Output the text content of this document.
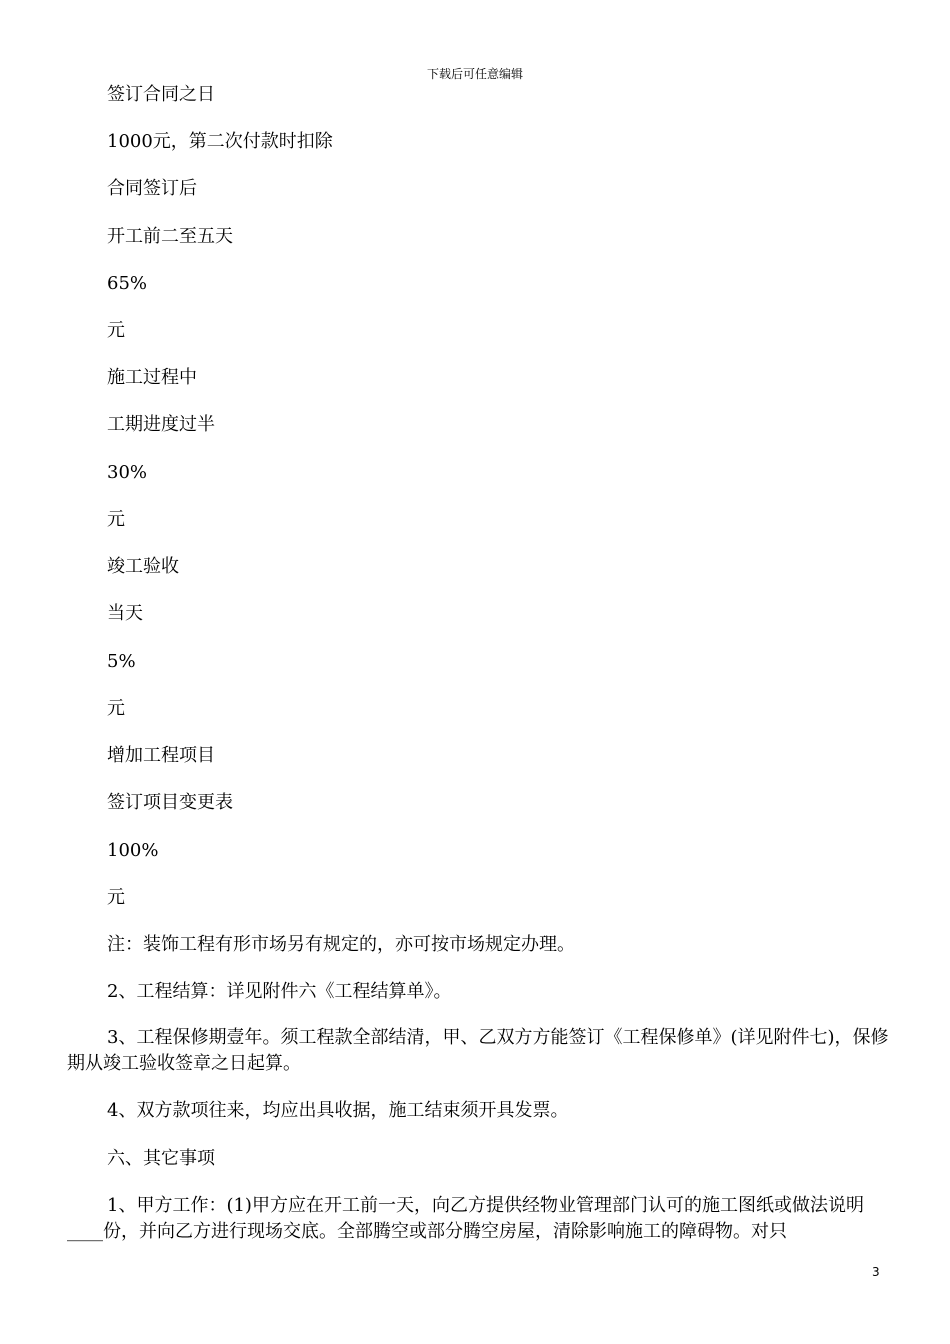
下载后可任意编辑
签订合同之日
1000元，第二次付款时扣除
合同签订后
开工前二至五天
65%
元
施工过程中
工期进度过半
30%
元
竣工验收
当天
5%
元
增加工程项目
签订项目变更表
100%
元
注：装饰工程有形市场另有规定的，亦可按市场规定办理。
2、工程结算：详见附件六《工程结算单》。
3、工程保修期壹年。须工程款全部结清，甲、乙双方方能签订《工程保修单》(详见附件七)，保修期从竣工验收签章之日起算。
4、双方款项往来，均应出具收据，施工结束须开具发票。
六、其它事项
1、甲方工作：(1)甲方应在开工前一天，向乙方提供经物业管理部门认可的施工图纸或做法说明____份，并向乙方进行现场交底。全部腾空或部分腾空房屋，清除影响施工的障碍物。对只
3
